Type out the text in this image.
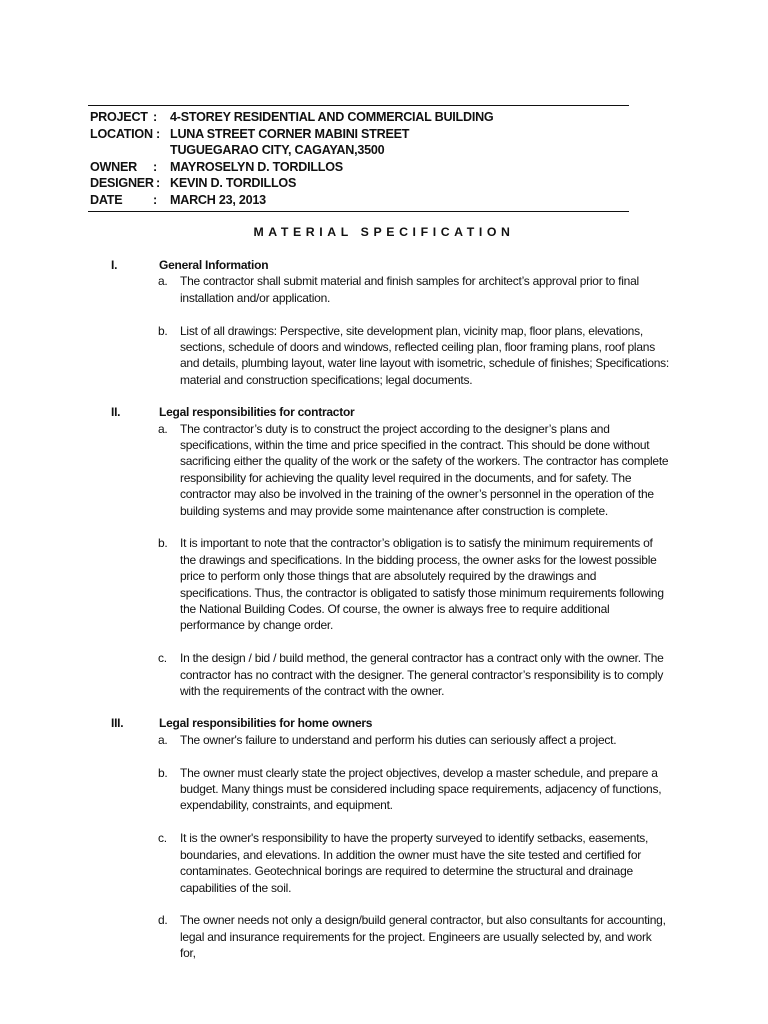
PROJECT :	4-STOREY RESIDENTIAL AND COMMERCIAL BUILDING
LOCATION : LUNA STREET CORNER MABINI STREET
TUGUEGARAO CITY, CAGAYAN,3500
OWNER	:	MAYROSELYN D. TORDILLOS
DESIGNER : KEVIN D. TORDILLOS
DATE	:	MARCH 23, 2013
MATERIAL SPECIFICATION
I.	General Information
a.	The contractor shall submit material and finish samples for architect’s approval prior to final installation and/or application.
b.	List of all drawings: Perspective, site development plan, vicinity map, floor plans, elevations, sections, schedule of doors and windows, reflected ceiling plan, floor framing plans, roof plans and details, plumbing layout, water line layout with isometric, schedule of finishes; Specifications: material and construction specifications; legal documents.
II.	Legal responsibilities for contractor
a.	The contractor’s duty is to construct the project according to the designer’s plans and specifications, within the time and price specified in the contract. This should be done without sacrificing either the quality of the work or the safety of the workers. The contractor has complete responsibility for achieving the quality level required in the documents, and for safety. The contractor may also be involved in the training of the owner’s personnel in the operation of the building systems and may provide some maintenance after construction is complete.
b.	It is important to note that the contractor’s obligation is to satisfy the minimum requirements of the drawings and specifications. In the bidding process, the owner asks for the lowest possible price to perform only those things that are absolutely required by the drawings and specifications. Thus, the contractor is obligated to satisfy those minimum requirements following the National Building Codes. Of course, the owner is always free to require additional performance by change order.
c.	In the design / bid / build method, the general contractor has a contract only with the owner. The contractor has no contract with the designer. The general contractor’s responsibility is to comply with the requirements of the contract with the owner.
III.	Legal responsibilities for home owners
a.	The owner's failure to understand and perform his duties can seriously affect a project.
b.	The owner must clearly state the project objectives, develop a master schedule, and prepare a budget. Many things must be considered including space requirements, adjacency of functions, expendability, constraints, and equipment.
c.	It is the owner's responsibility to have the property surveyed to identify setbacks, easements, boundaries, and elevations. In addition the owner must have the site tested and certified for contaminates. Geotechnical borings are required to determine the structural and drainage capabilities of the soil.
d.	The owner needs not only a design/build general contractor, but also consultants for accounting, legal and insurance requirements for the project. Engineers are usually selected by, and work for,
